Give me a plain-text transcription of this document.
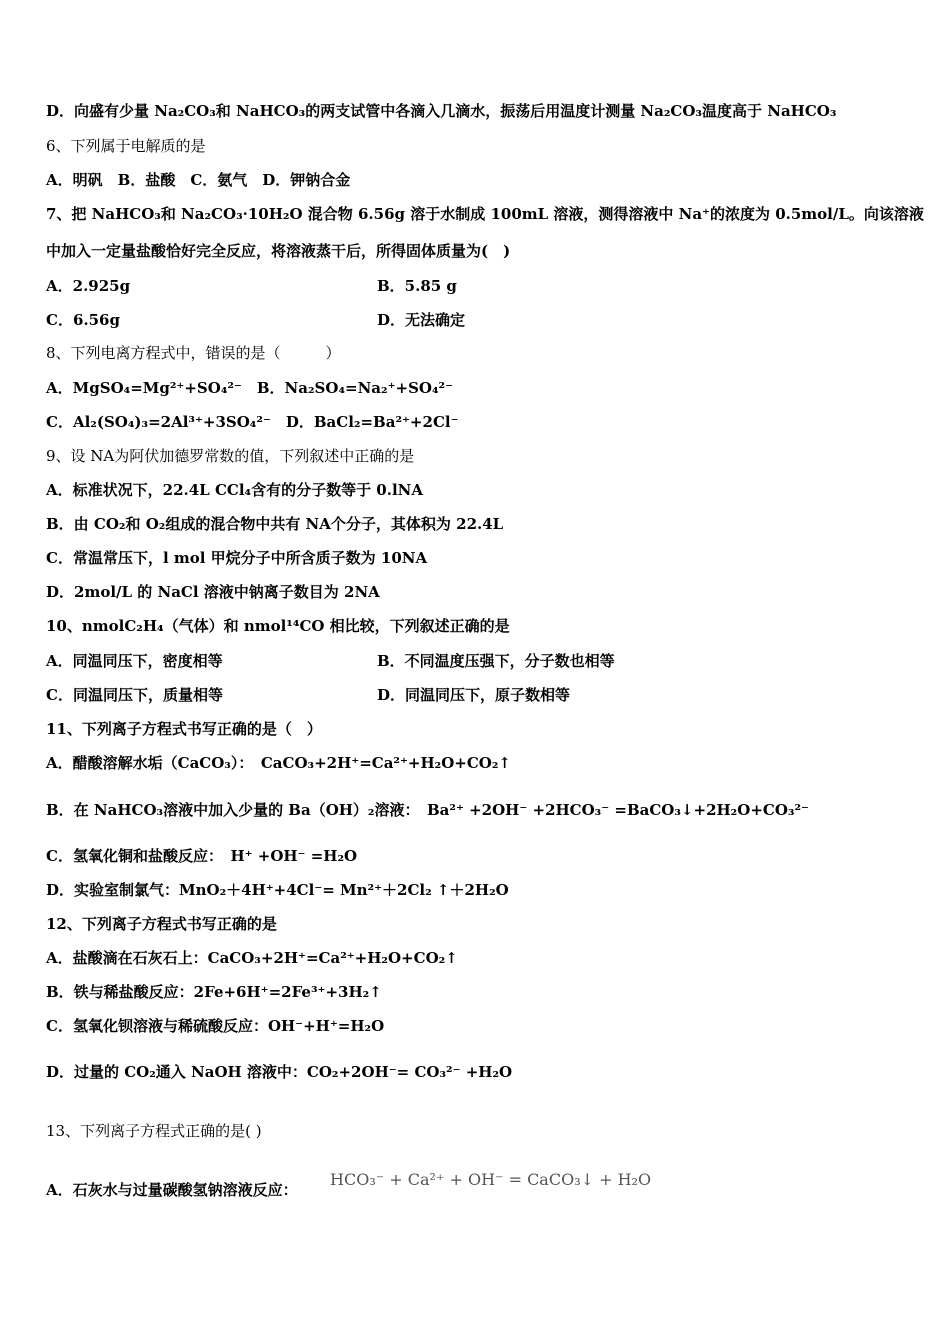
D．向盛有少量 Na₂CO₃和 NaHCO₃的两支试管中各滴入几滴水，振荡后用温度计测量 Na₂CO₃温度高于 NaHCO₃
6、下列属于电解质的是
A．明矾　B．盐酸　C．氨气　D．钾钠合金
7、把 NaHCO₃和 Na₂CO₃·10H₂O 混合物 6.56g 溶于水制成 100mL 溶液，测得溶液中 Na⁺的浓度为 0.5mol/L。向该溶液
中加入一定量盐酸恰好完全反应，将溶液蒸干后，所得固体质量为(　)
A．2.925g	B．5.85 g
C．6.56g	D．无法确定
8、下列电离方程式中，错误的是（　　　）
A．MgSO₄=Mg²⁺+SO₄²⁻　B．Na₂SO₄=Na₂⁺+SO₄²⁻
C．Al₂(SO₄)₃=2Al³⁺+3SO₄²⁻　D．BaCl₂=Ba²⁺+2Cl⁻
9、设 NA为阿伏加德罗常数的值，下列叙述中正确的是
A．标准状况下，22.4L CCl₄含有的分子数等于 0.lNA
B．由 CO₂和 O₂组成的混合物中共有 NA个分子，其体积为 22.4L
C．常温常压下，l mol 甲烷分子中所含质子数为 10NA
D．2mol/L 的 NaCl 溶液中钠离子数目为 2NA
10、nmolC₂H₄（气体）和 nmol¹⁴CO 相比较，下列叙述正确的是
A．同温同压下，密度相等	B．不同温度压强下，分子数也相等
C．同温同压下，质量相等	D．同温同压下，原子数相等
11、下列离子方程式书写正确的是（　）
A．醋酸溶解水垢（CaCO₃）：　CaCO₃+2H⁺=Ca²⁺+H₂O+CO₂↑
B．在 NaHCO₃溶液中加入少量的 Ba（OH）₂溶液：　Ba²⁺ +2OH⁻ +2HCO₃⁻ =BaCO₃↓+2H₂O+CO₃²⁻
C．氢氧化铜和盐酸反应：　H⁺ +OH⁻ =H₂O
D．实验室制氯气：MnO₂＋4H⁺+4Cl⁻= Mn²⁺＋2Cl₂ ↑＋2H₂O
12、下列离子方程式书写正确的是
A．盐酸滴在石灰石上：CaCO₃+2H⁺=Ca²⁺+H₂O+CO₂↑
B．铁与稀盐酸反应：2Fe+6H⁺=2Fe³⁺+3H₂↑
C．氢氧化钡溶液与稀硫酸反应：OH⁻+H⁺=H₂O
D．过量的 CO₂通入 NaOH 溶液中：CO₂+2OH⁻= CO₃²⁻ +H₂O
13、下列离子方程式正确的是( )
A．石灰水与过量碳酸氢钠溶液反应：
HCO₃⁻ + Ca²⁺ + OH⁻ = CaCO₃↓ + H₂O
